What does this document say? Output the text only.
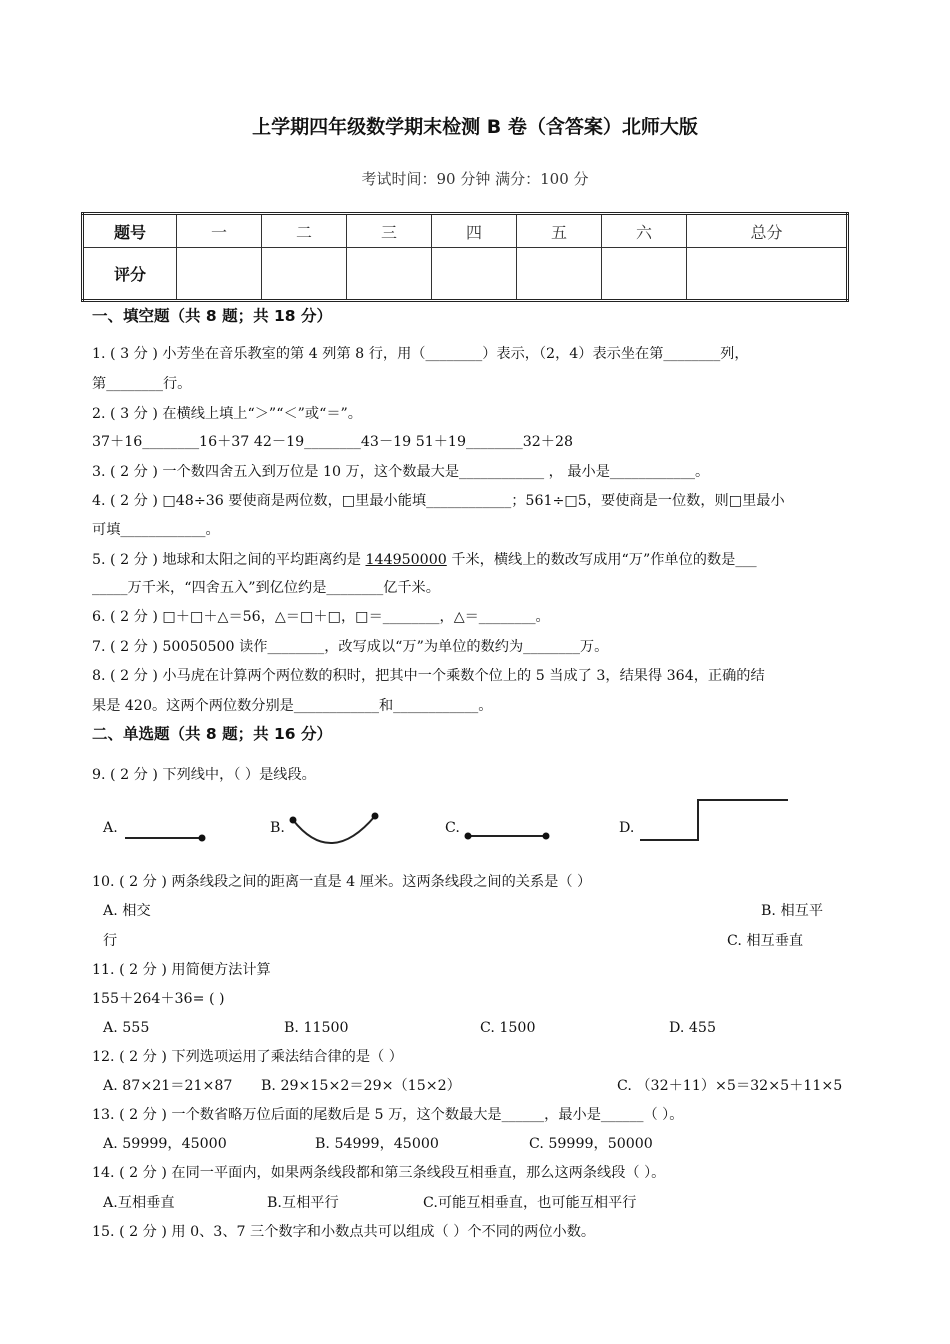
上学期四年级数学期末检测 B 卷（含答案）北师大版
考试时间：90 分钟 满分：100 分
题号	一	二	三	四	五	六	总分
评分							
一、填空题（共 8 题；共 18 分）
1. ( 3 分 ) 小芳坐在音乐教室的第 4 列第 8 行，用（________）表示，（2，4）表示坐在第________列，
第________行。
2. ( 3 分 ) 在横线上填上“＞”“＜”或“＝”。
37＋16________16＋37 42－19________43－19 51＋19________32＋28
3. ( 2 分 ) 一个数四舍五入到万位是 10 万，这个数最大是____________ ， 最小是____________。
4. ( 2 分 ) □48÷36 要使商是两位数，□里最小能填____________；561÷□5，要使商是一位数，则□里最小
可填____________。
5. ( 2 分 ) 地球和太阳之间的平均距离约是 144950000 千米，横线上的数改写成用“万”作单位的数是___
_____万千米，“四舍五入”到亿位约是________亿千米。
6. ( 2 分 ) □＋□＋△＝56，△＝□＋□，□＝________，△＝________。
7. ( 2 分 ) 50050500 读作________，改写成以“万”为单位的数约为________万。
8. ( 2 分 ) 小马虎在计算两个两位数的积时，把其中一个乘数个位上的 5 当成了 3，结果得 364，正确的结
果是 420。这两个两位数分别是____________和____________。
二、单选题（共 8 题；共 16 分）
9. ( 2 分 ) 下列线中，（ ）是线段。
A.	B.	C.	D.
10. ( 2 分 ) 两条线段之间的距离一直是 4 厘米。这两条线段之间的关系是（ ）
A. 相交	B. 相互平
行	C. 相互垂直
11. ( 2 分 ) 用简便方法计算
155＋264＋36= ( )
A. 555	B. 11500	C. 1500	D. 455
12. ( 2 分 ) 下列选项运用了乘法结合律的是（ ）
A. 87×21＝21×87 B. 29×15×2＝29×（15×2）	C. （32＋11）×5＝32×5＋11×5
13. ( 2 分 ) 一个数省略万位后面的尾数后是 5 万，这个数最大是______，最小是______（ ）。
A. 59999，45000	B. 54999，45000	C. 59999，50000
14. ( 2 分 ) 在同一平面内，如果两条线段都和第三条线段互相垂直，那么这两条线段（ ）。
A.互相垂直	B.互相平行	C.可能互相垂直，也可能互相平行
15. ( 2 分 ) 用 0、3、7 三个数字和小数点共可以组成（ ）个不同的两位小数。
